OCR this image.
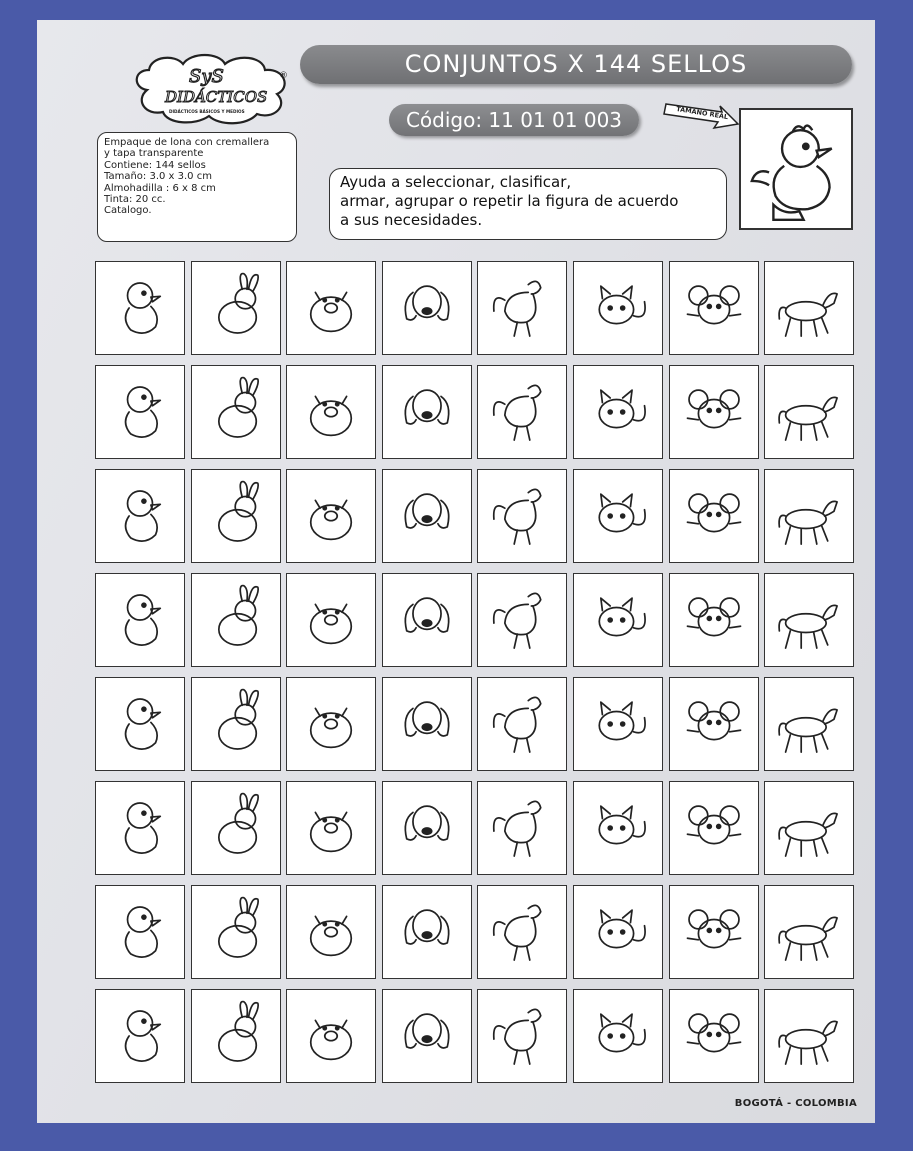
SyS
DIDÁCTICOS
DIDÁCTICOS BÁSICOS Y MEDIOS
®	CONJUNTOS X 144 SELLOS
Código: 11 01 01 003	TAMAÑO REAL
Empaque de lona con cremallera
y tapa transparente
Contiene: 144 sellos
Tamaño: 3.0 x 3.0 cm
Almohadilla : 6 x 8 cm
Tinta: 20 cc.
Catalogo.
Ayuda a seleccionar, clasificar,
armar, agrupar o repetir la figura de acuerdo
a sus necesidades.
BOGOTÁ - COLOMBIA
